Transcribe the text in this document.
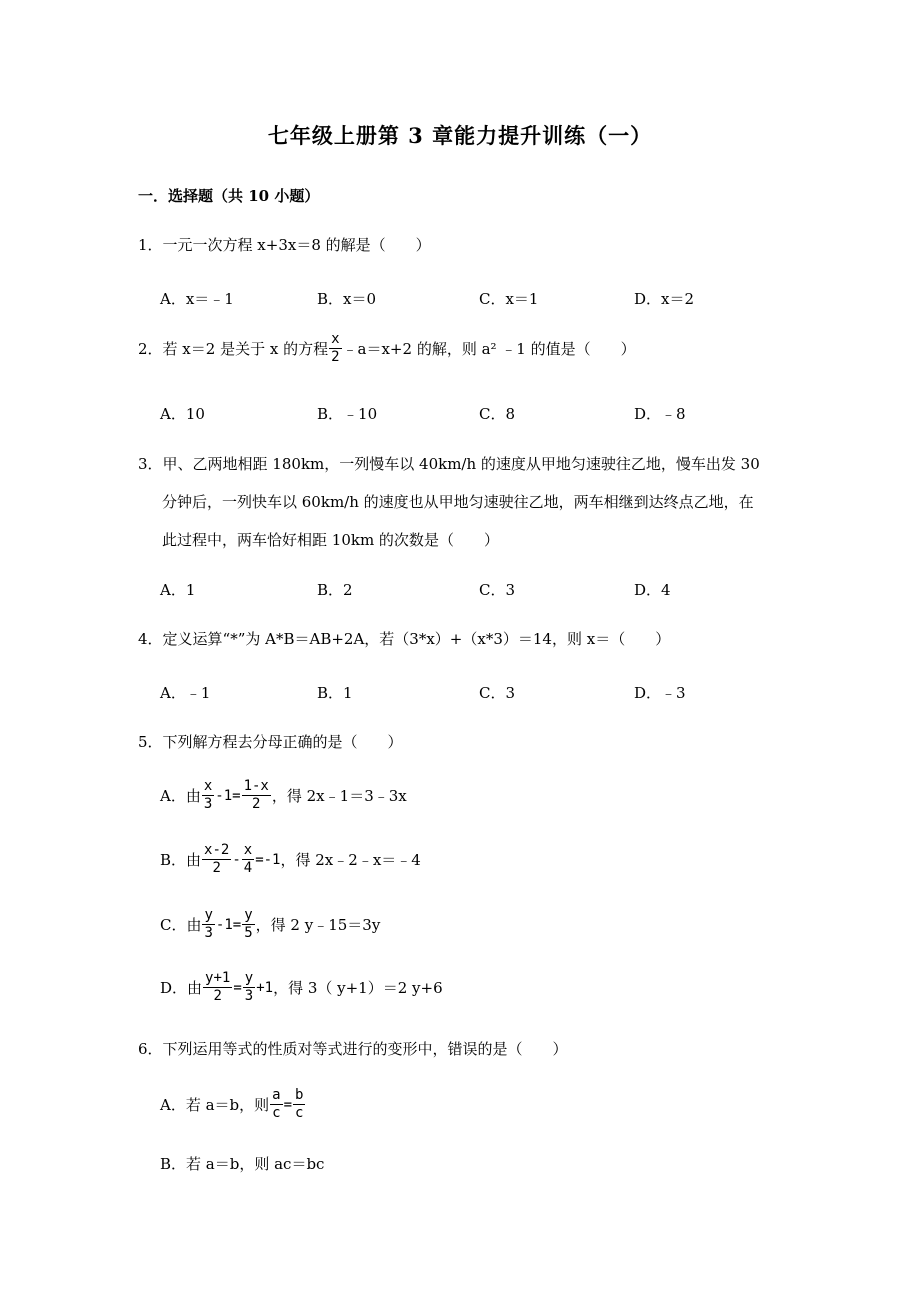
七年级上册第 3 章能力提升训练（一）
一．选择题（共 10 小题）
1．一元一次方程 x+3x＝8 的解是（　　）
A．x＝﹣1	B．x＝0	C．x＝1	D．x＝2
2．若 x＝2 是关于 x 的方程 $\frac{x}{2}$ ﹣a＝x+2 的解，则 a² ﹣1 的值是（　　）
A．10	B．﹣10	C．8	D．﹣8
3．甲、乙两地相距 180km，一列慢车以 40km/h 的速度从甲地匀速驶往乙地，慢车出发 30
分钟后，一列快车以 60km/h 的速度也从甲地匀速驶往乙地，两车相继到达终点乙地，在
此过程中，两车恰好相距 10km 的次数是（　　）
A．1	B．2	C．3	D．4
4．定义运算“*”为 A*B＝AB+2A，若（3*x）+（x*3）＝14，则 x＝（　　）
A．﹣1	B．1	C．3	D．﹣3
5．下列解方程去分母正确的是（　　）
A．由 $\frac{x}{3} -1= \frac{1-x}{2}$ ，得 2x﹣1＝3﹣3x
B．由 $\frac{x-2}{2} - \frac{x}{4} =-1$ ，得 2x﹣2﹣x＝﹣4
C．由 $\frac{y}{3} -1= \frac{y}{5}$ ，得 2 y﹣15＝3y
D．由 $\frac{y+1}{2} = \frac{y}{3} +1$ ，得 3（ y+1）＝2 y+6
6．下列运用等式的性质对等式进行的变形中，错误的是（　　）
A．若 a＝b，则 $\frac{a}{c} = \frac{b}{c}$
B．若 a＝b，则 ac＝bc
